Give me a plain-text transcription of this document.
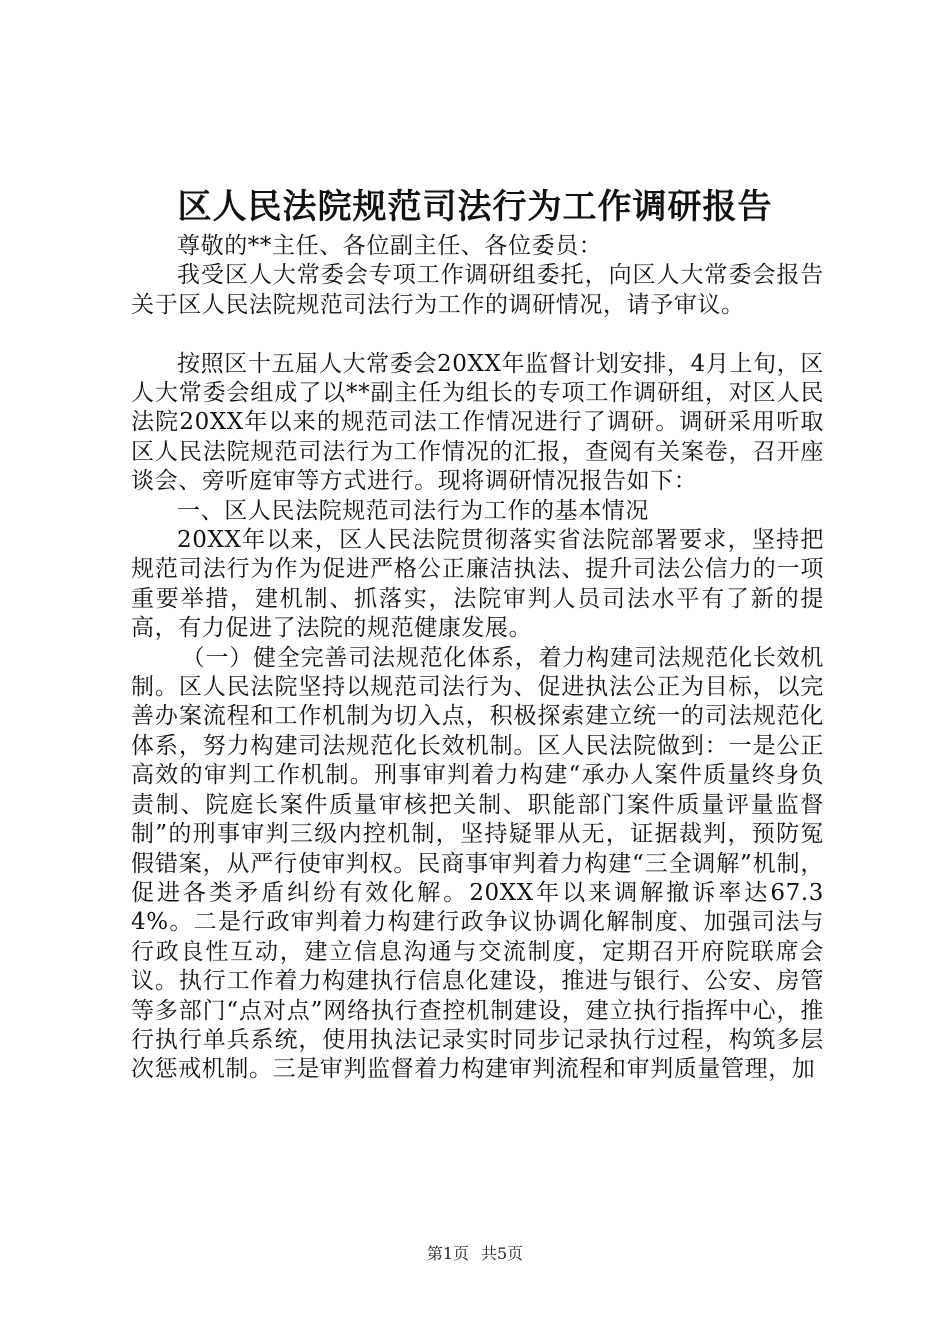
区人民法院规范司法行为工作调研报告

尊敬的**主任、各位副主任、各位委员：

我受区人大常委会专项工作调研组委托，向区人大常委会报告关于区人民法院规范司法行为工作的调研情况，请予审议。

按照区十五届人大常委会20XX年监督计划安排，4月上旬，区人大常委会组成了以**副主任为组长的专项工作调研组，对区人民法院20XX年以来的规范司法工作情况进行了调研。调研采用听取区人民法院规范司法行为工作情况的汇报，查阅有关案卷，召开座谈会、旁听庭审等方式进行。现将调研情况报告如下：

一、区人民法院规范司法行为工作的基本情况

20XX年以来，区人民法院贯彻落实省法院部署要求，坚持把规范司法行为作为促进严格公正廉洁执法、提升司法公信力的一项重要举措，建机制、抓落实，法院审判人员司法水平有了新的提高，有力促进了法院的规范健康发展。

（一）健全完善司法规范化体系，着力构建司法规范化长效机制。区人民法院坚持以规范司法行为、促进执法公正为目标，以完善办案流程和工作机制为切入点，积极探索建立统一的司法规范化体系，努力构建司法规范化长效机制。区人民法院做到：一是公正高效的审判工作机制。刑事审判着力构建“承办人案件质量终身负责制、院庭长案件质量审核把关制、职能部门案件质量评量监督制”的刑事审判三级内控机制，坚持疑罪从无，证据裁判，预防冤假错案，从严行使审判权。民商事审判着力构建“三全调解”机制，促进各类矛盾纠纷有效化解。20XX年以来调解撤诉率达67.34%。二是行政审判着力构建行政争议协调化解制度、加强司法与行政良性互动，建立信息沟通与交流制度，定期召开府院联席会议。执行工作着力构建执行信息化建设，推进与银行、公安、房管等多部门“点对点”网络执行查控机制建设，建立执行指挥中心，推行执行单兵系统，使用执法记录实时同步记录执行过程，构筑多层次惩戒机制。三是审判监督着力构建审判流程和审判质量管理，加

第1页 共5页
